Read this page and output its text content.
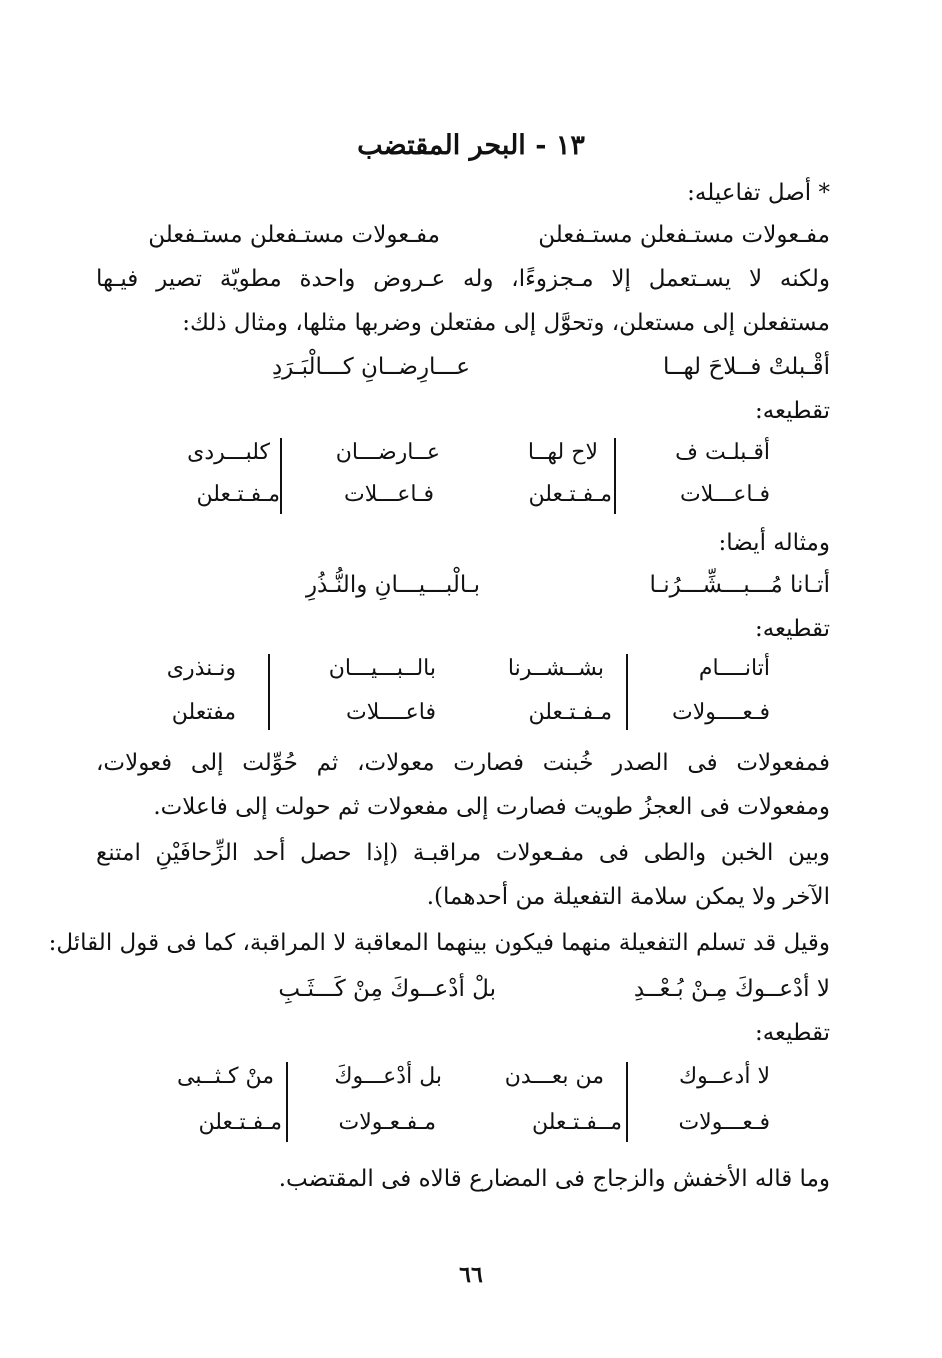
١٣ - البحر المقتضب
* أصل تفاعيله:
مفـعولات مستـفعلن مستـفعلن
مفـعولات مستـفعلن مستـفعلن
ولكنه لا يسـتعمل إلا مـجزوءًا، وله عـروض واحدة مطويّة تصير فيـها
مستفعلن إلى مستعلن، وتحوَّل إلى مفتعلن وضربها مثلها، ومثال ذلك:
أقْـبلتْ فــلاحَ لهــا
عـــارِضــانِ كـــالْبَـرَدِ
تقطيعه:
أقـبلـت ف
لاح لهــا
عــارضـــان
كلبـــردى
فـاعـــلات
مـفـتـعلن
فـاعـــلات
مـفـتـعلن
ومثاله أيضا:
أتـانا مُـــبـــشِّـــرُنـا
بـالْبـــيـــانِ والنُّـذُرِ
تقطيعه:
أتانــــام
بشــشــرنا
بالــبـــيـــان
ونـنذرى
فـعــــولات
مـفـتـعلن
فاعــــلات
مفتعلن
فمفعولات فى الصدر خُبنت فصارت معولات، ثم حُوِّلت إلى فعولات،
ومفعولات فى العجزُ طويت فصارت إلى مفعولات ثم حولت إلى فاعلات.
وبين الخبن والطى فى مفـعولات مراقبـة (إذا حصل أحد الزِّحافَيْنِ امتنع
الآخر ولا يمكن سلامة التفعيلة من أحدهما).
وقيل قد تسلم التفعيلة منهما فيكون بينهما المعاقبة لا المراقبة، كما فى قول القائل:
لا أدْعــوكَ مِـنْ بُـعْــدِ
بلْ أدْعــوكَ مِنْ كَـــثَـبِ
تقطيعه:
لا أدعــوك
من بعـــدن
بل أدْعـــوكَ
منْ كـثــبى
فـعـــولات
مــفـتـعلن
مـفـعـولات
مـفـتـعلن
وما قاله الأخفش والزجاج فى المضارع قالاه فى المقتضب.
٦٦
